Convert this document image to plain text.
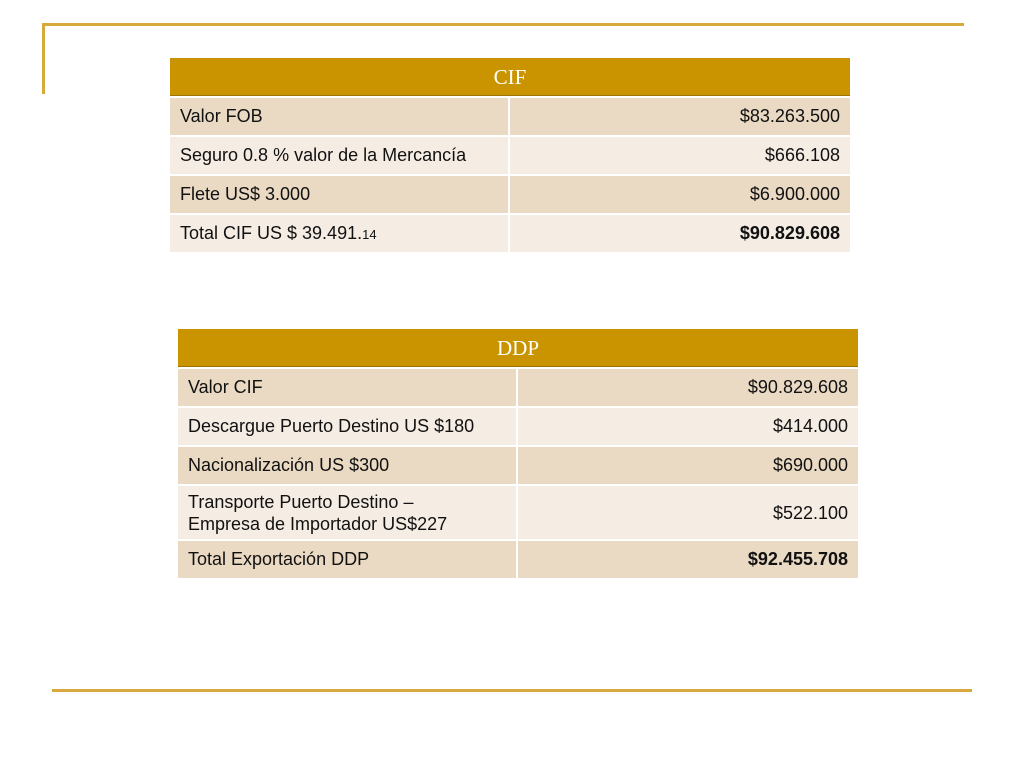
CIF	
Valor FOB	$83.263.500
Seguro 0.8 % valor de la Mercancía	$666.108
Flete US$ 3.000	$6.900.000
Total CIF US $ 39.491.14	$90.829.608
DDP	
Valor CIF	$90.829.608
Descargue Puerto Destino US $180	$414.000
Nacionalización US $300	$690.000
Transporte Puerto Destino –
Empresa de Importador US$227	$522.100
Total Exportación DDP	$92.455.708
